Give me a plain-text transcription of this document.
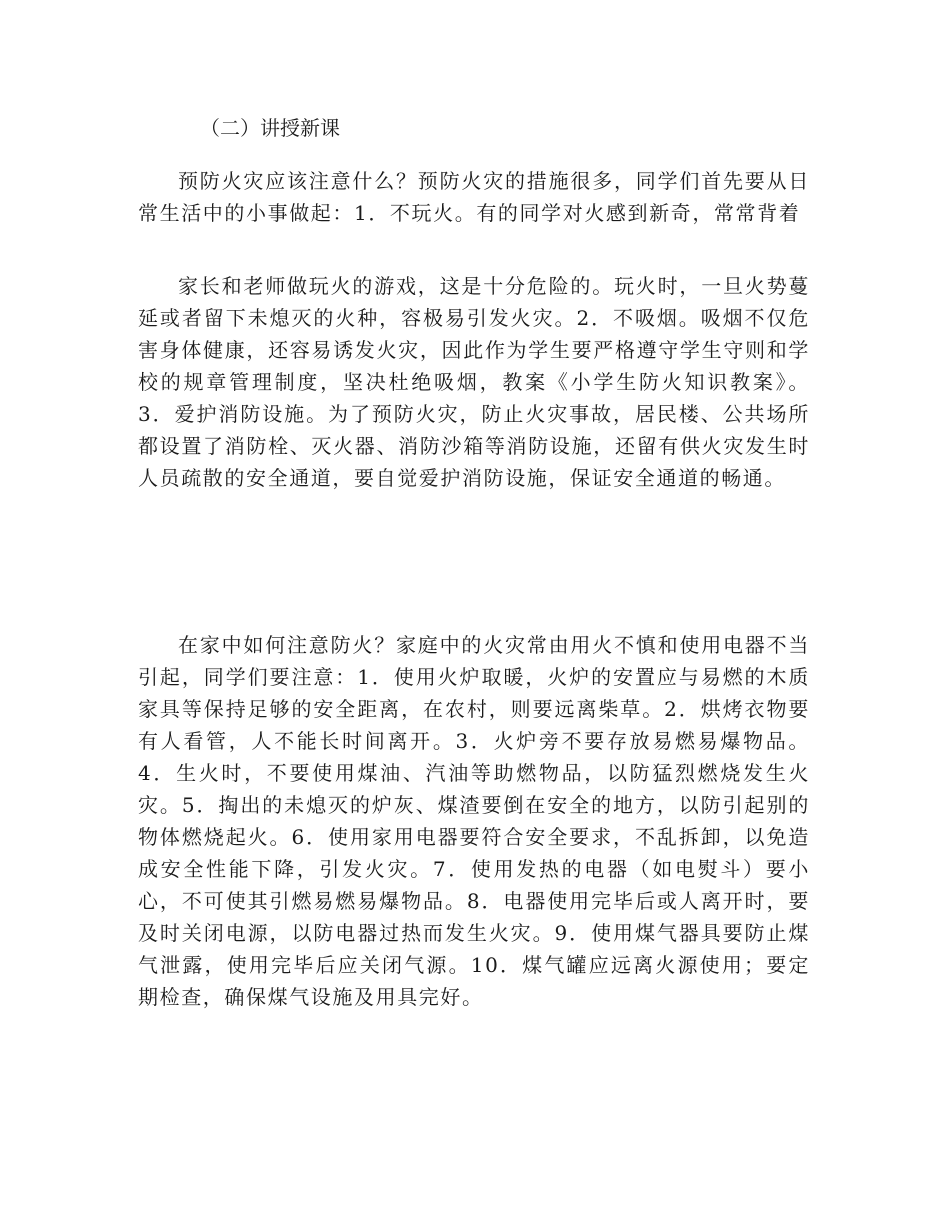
（二）讲授新课

预防火灾应该注意什么？预防火灾的措施很多，同学们首先要从日常生活中的小事做起：1．不玩火。有的同学对火感到新奇，常常背着

家长和老师做玩火的游戏，这是十分危险的。玩火时，一旦火势蔓延或者留下未熄灭的火种，容极易引发火灾。2．不吸烟。吸烟不仅危害身体健康，还容易诱发火灾，因此作为学生要严格遵守学生守则和学校的规章管理制度，坚决杜绝吸烟，教案《小学生防火知识教案》。3．爱护消防设施。为了预防火灾，防止火灾事故，居民楼、公共场所都设置了消防栓、灭火器、消防沙箱等消防设施，还留有供火灾发生时人员疏散的安全通道，要自觉爱护消防设施，保证安全通道的畅通。

在家中如何注意防火？家庭中的火灾常由用火不慎和使用电器不当引起，同学们要注意：1．使用火炉取暖，火炉的安置应与易燃的木质家具等保持足够的安全距离，在农村，则要远离柴草。2．烘烤衣物要有人看管，人不能长时间离开。3．火炉旁不要存放易燃易爆物品。4．生火时，不要使用煤油、汽油等助燃物品，以防猛烈燃烧发生火灾。5．掏出的未熄灭的炉灰、煤渣要倒在安全的地方，以防引起别的物体燃烧起火。6．使用家用电器要符合安全要求，不乱拆卸，以免造成安全性能下降，引发火灾。7．使用发热的电器（如电熨斗）要小心，不可使其引燃易燃易爆物品。8．电器使用完毕后或人离开时，要及时关闭电源，以防电器过热而发生火灾。9．使用煤气器具要防止煤气泄露，使用完毕后应关闭气源。10．煤气罐应远离火源使用；要定期检查，确保煤气设施及用具完好。
